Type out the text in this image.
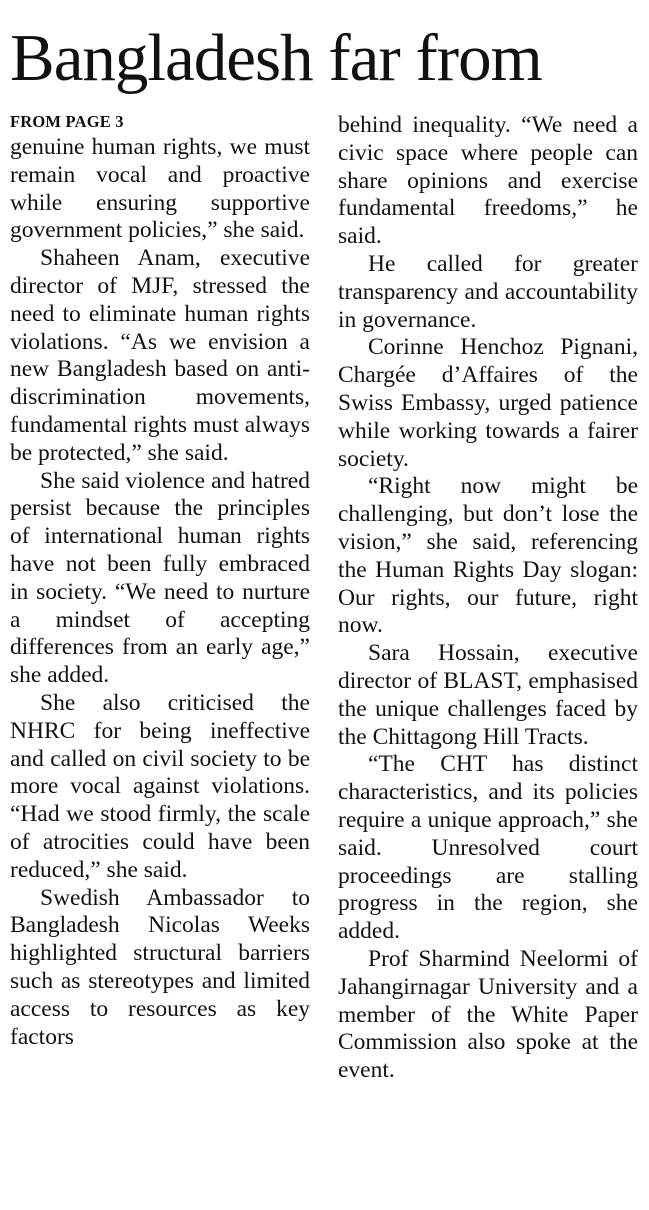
Bangladesh far from
FROM PAGE 3

genuine human rights, we must remain vocal and proactive while ensuring supportive government policies,” she said.

Shaheen Anam, executive director of MJF, stressed the need to eliminate human rights violations. “As we envision a new Bangladesh based on anti-discrimination movements, fundamental rights must always be protected,” she said.

She said violence and hatred persist because the principles of international human rights have not been fully embraced in society. “We need to nurture a mindset of accepting differences from an early age,” she added.

She also criticised the NHRC for being ineffective and called on civil society to be more vocal against violations. “Had we stood firmly, the scale of atrocities could have been reduced,” she said.

Swedish Ambassador to Bangladesh Nicolas Weeks highlighted structural barriers such as stereotypes and limited access to resources as key factors

behind inequality. “We need a civic space where people can share opinions and exercise fundamental freedoms,” he said.

He called for greater transparency and accountability in governance.

Corinne Henchoz Pignani, Chargée d’Affaires of the Swiss Embassy, urged patience while working towards a fairer society.

“Right now might be challenging, but don’t lose the vision,” she said, referencing the Human Rights Day slogan: Our rights, our future, right now.

Sara Hossain, executive director of BLAST, emphasised the unique challenges faced by the Chittagong Hill Tracts.

“The CHT has distinct characteristics, and its policies require a unique approach,” she said. Unresolved court proceedings are stalling progress in the region, she added.

Prof Sharmind Neelormi of Jahangirnagar University and a member of the White Paper Commission also spoke at the event.
